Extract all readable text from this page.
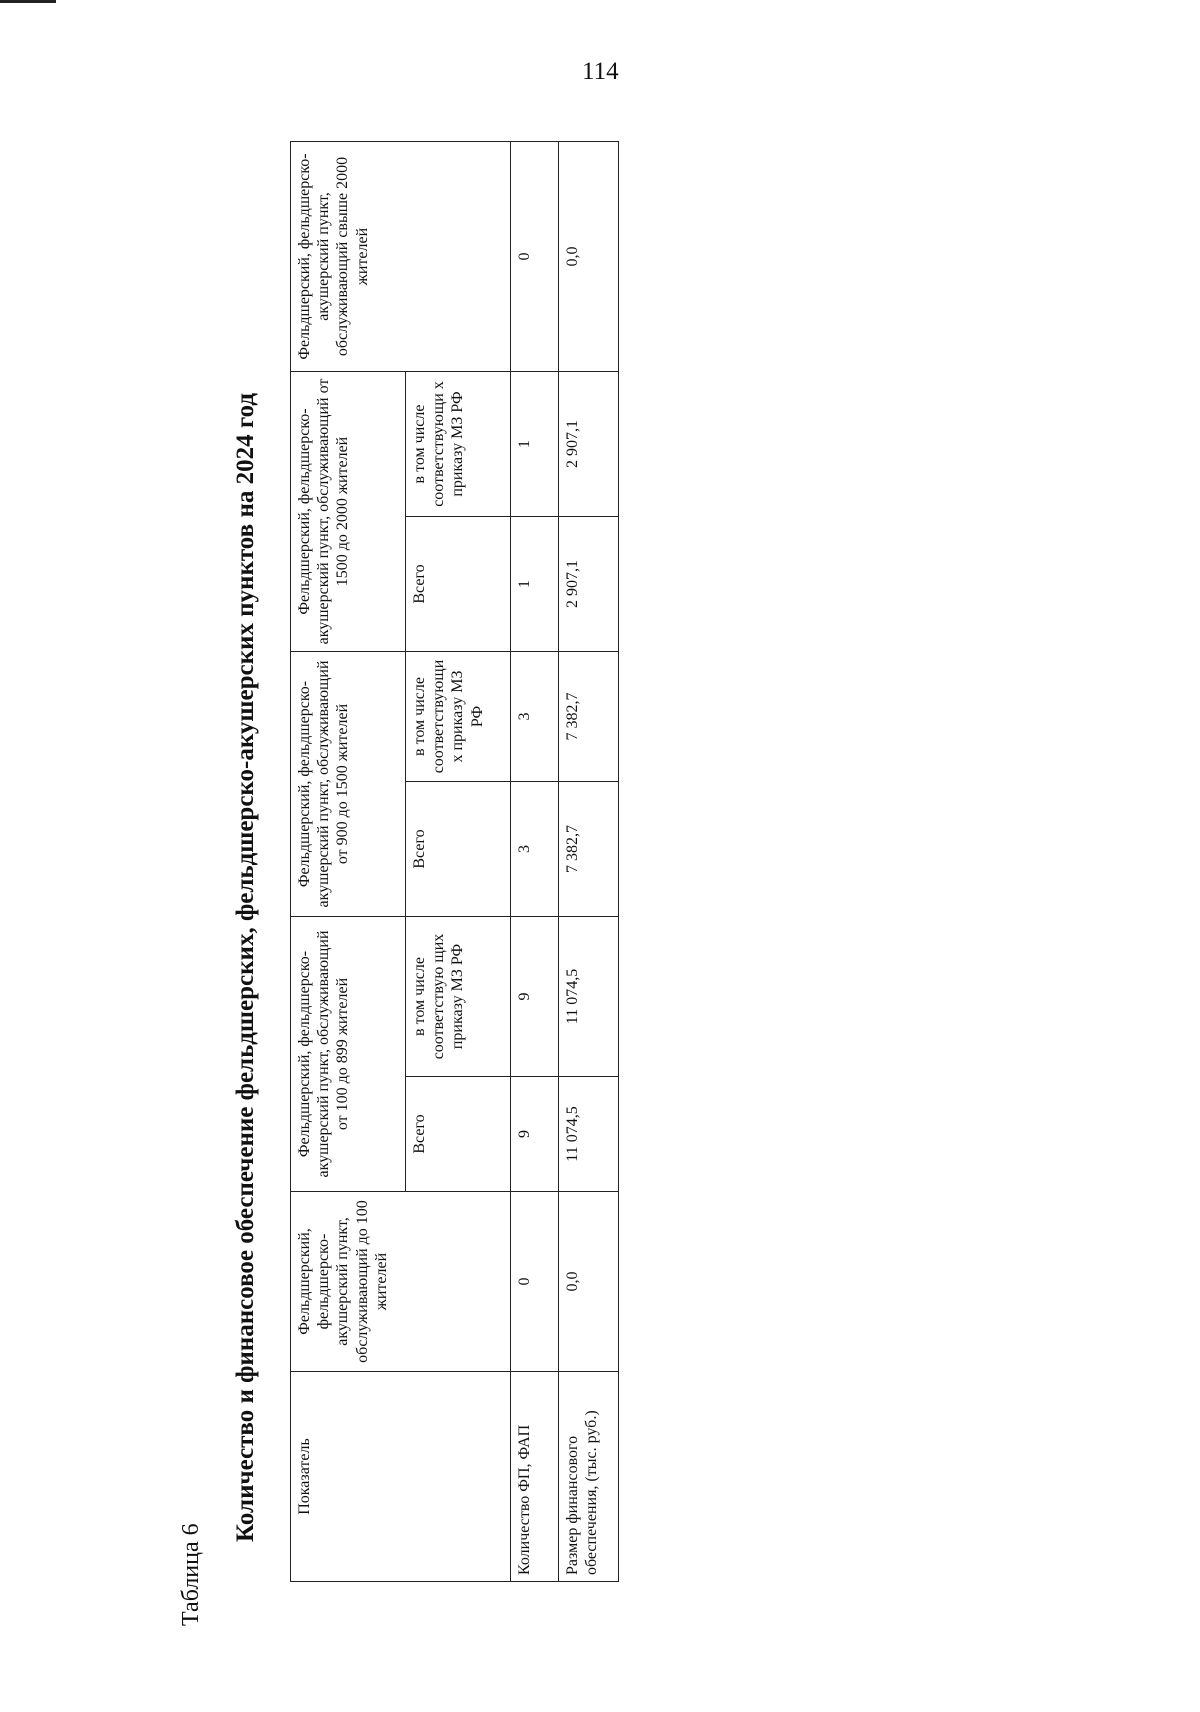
114
Таблица 6
Количество и финансовое обеспечение фельдшерских, фельдшерско-акушерских пунктов на 2024 год Показатель	Фельдшерский, фельдшерско-акушерский пункт, обслуживающий до 100 жителей	Фельдшерский, фельдшерско-акушерский пункт, обслуживающий от 100 до 899 жителей		Фельдшерский, фельдшерско-акушерский пункт, обслуживающий от 900 до 1500 жителей		Фельдшерский, фельдшерско-акушерский пункт, обслуживающий от 1500 до 2000 жителей		Фельдшерский, фельдшерско-акушерский пункт, обслуживающий свыше 2000 жителей
		Всего	в том числе соответствую щих приказу МЗ РФ	Всего	в том числе соответствующи х приказу МЗ РФ	Всего	в том числе соответствующи х приказу МЗ РФ	
Количество ФП, ФАП	0	9	9	3	3	1	1	0
Размер финансового обеспечения, (тыс. руб.)	0,0	11 074,5	11 074,5	7 382,7	7 382,7	2 907,1	2 907,1	0,0
